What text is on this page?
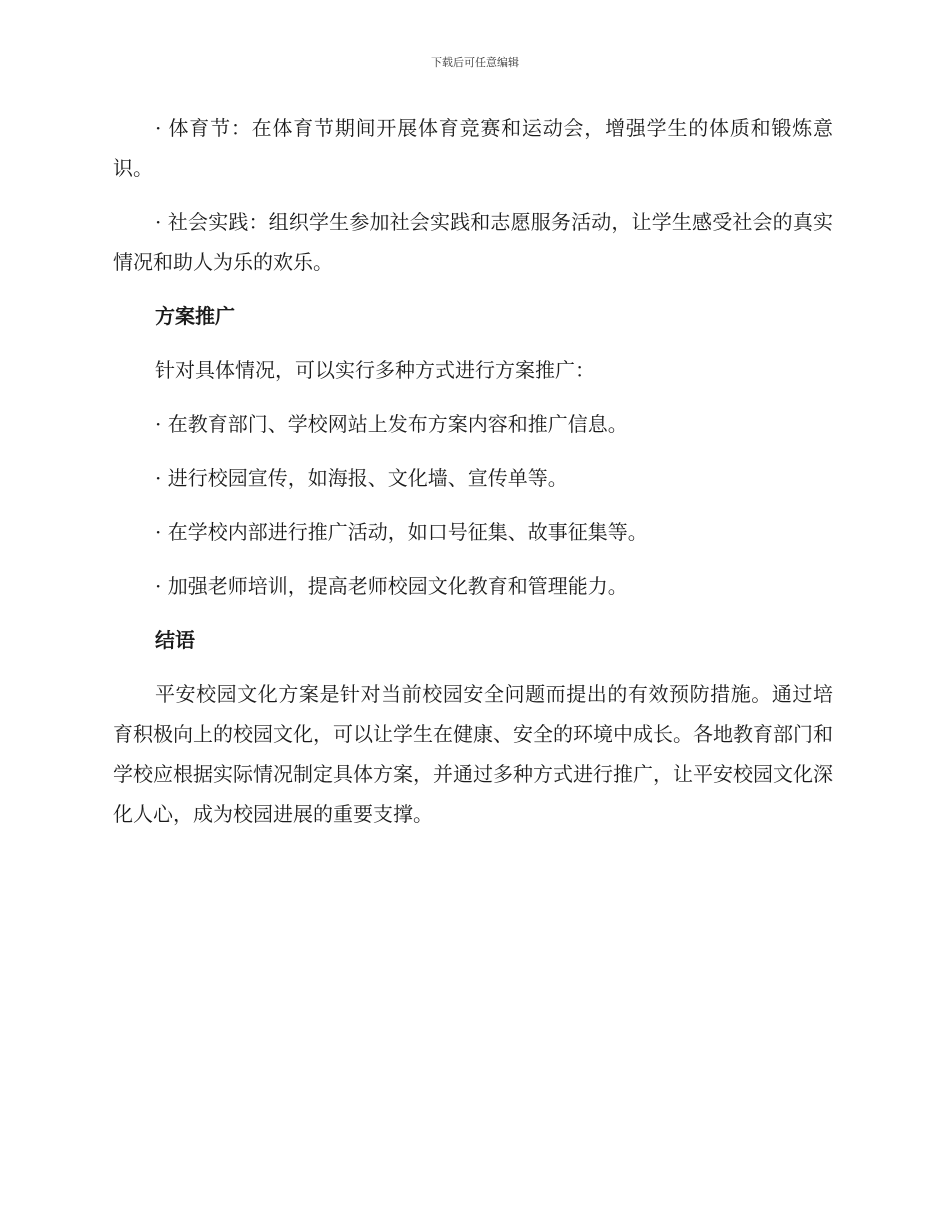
下载后可任意编辑

· 体育节：在体育节期间开展体育竞赛和运动会，增强学生的体质和锻炼意识。

· 社会实践：组织学生参加社会实践和志愿服务活动，让学生感受社会的真实情况和助人为乐的欢乐。

方案推广

针对具体情况，可以实行多种方式进行方案推广：

· 在教育部门、学校网站上发布方案内容和推广信息。

· 进行校园宣传，如海报、文化墙、宣传单等。

· 在学校内部进行推广活动，如口号征集、故事征集等。

· 加强老师培训，提高老师校园文化教育和管理能力。

结语

平安校园文化方案是针对当前校园安全问题而提出的有效预防措施。通过培育积极向上的校园文化，可以让学生在健康、安全的环境中成长。各地教育部门和学校应根据实际情况制定具体方案，并通过多种方式进行推广，让平安校园文化深化人心，成为校园进展的重要支撑。
